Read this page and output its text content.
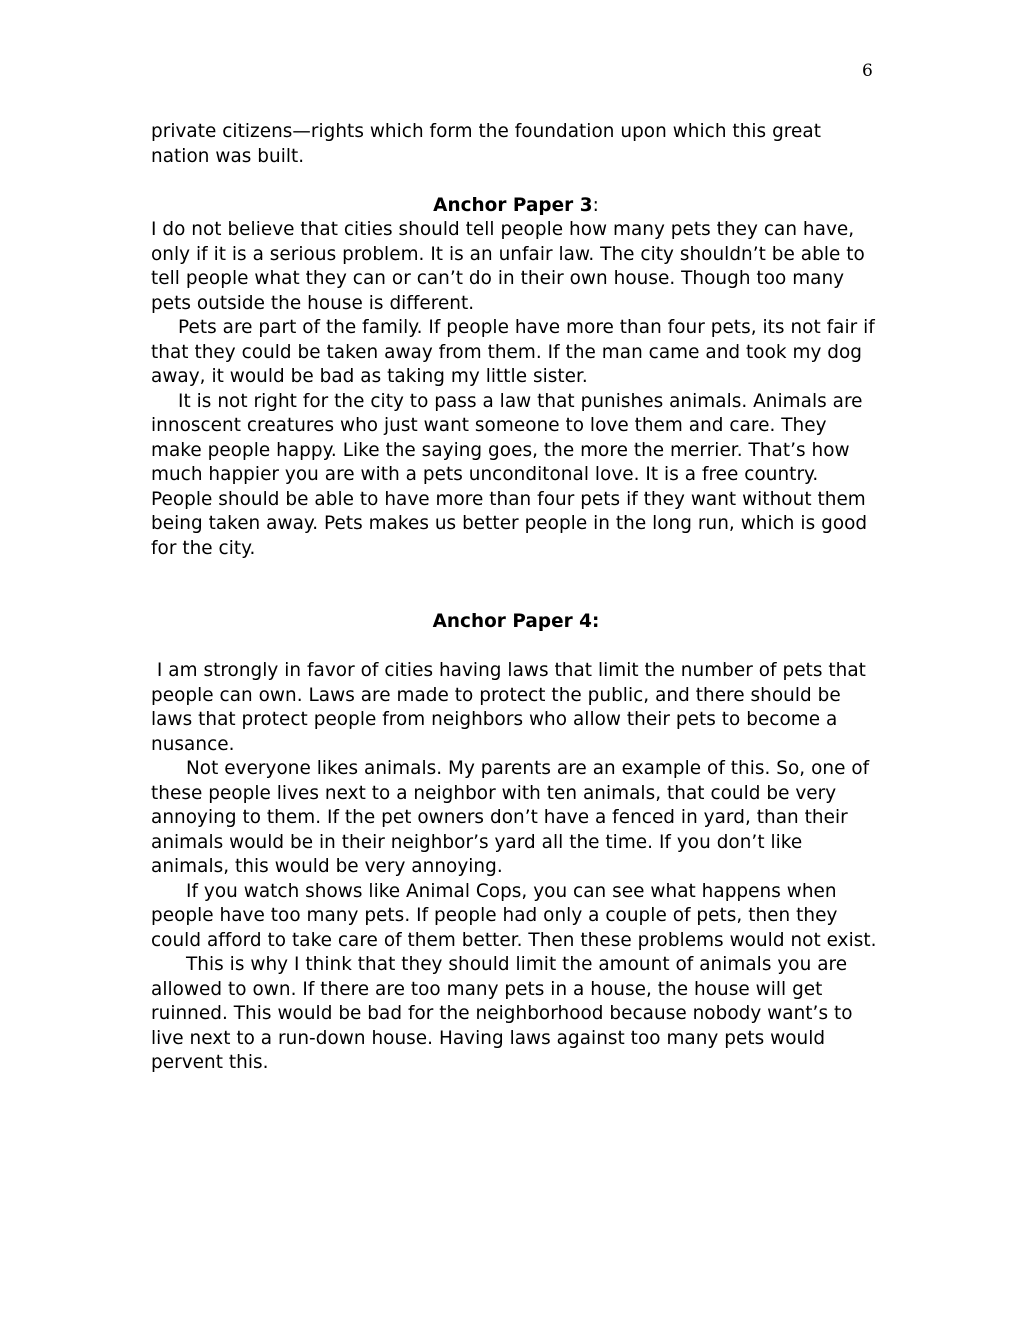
6

private citizens—rights which form the foundation upon which this great nation was built.

Anchor Paper 3:

I do not believe that cities should tell people how many pets they can have, only if it is a serious problem. It is an unfair law. The city shouldn’t be able to tell people what they can or can’t do in their own house. Though too many pets outside the house is different.

Pets are part of the family. If people have more than four pets, its not fair if that they could be taken away from them. If the man came and took my dog away, it would be bad as taking my little sister.

It is not right for the city to pass a law that punishes animals. Animals are innoscent creatures who just want someone to love them and care. They make people happy. Like the saying goes, the more the merrier. That’s how much happier you are with a pets unconditonal love. It is a free country. People should be able to have more than four pets if they want without them being taken away. Pets makes us better people in the long run, which is good for the city.

Anchor Paper 4:

I am strongly in favor of cities having laws that limit the number of pets that people can own. Laws are made to protect the public, and there should be laws that protect people from neighbors who allow their pets to become a nusance.

Not everyone likes animals. My parents are an example of this. So, one of these people lives next to a neighbor with ten animals, that could be very annoying to them. If the pet owners don’t have a fenced in yard, than their animals would be in their neighbor’s yard all the time. If you don’t like animals, this would be very annoying.

If you watch shows like Animal Cops, you can see what happens when people have too many pets. If people had only a couple of pets, then they could afford to take care of them better. Then these problems would not exist.

This is why I think that they should limit the amount of animals you are allowed to own. If there are too many pets in a house, the house will get ruinned. This would be bad for the neighborhood because nobody want’s to live next to a run-down house. Having laws against too many pets would pervent this.
